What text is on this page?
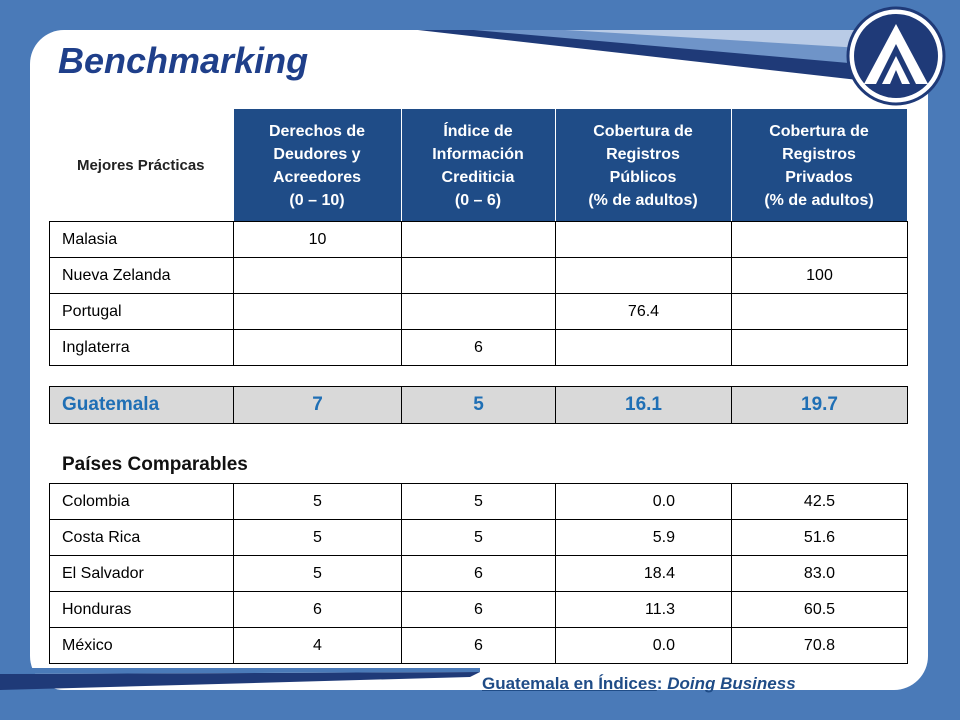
Benchmarking
Mejores Prácticas	Derechos de
Deudores y
Acreedores
(0 – 10)	Índice de
Información
Crediticia
(0 – 6)	Cobertura de
Registros
Públicos
(% de adultos)	Cobertura de
Registros
Privados
(% de adultos)
Malasia	10			
Nueva Zelanda				100
Portugal			76.4	
Inglaterra		6		
Guatemala	7	5	16.1	19.7
Países Comparables
Colombia	5	5	0.0	42.5
Costa Rica	5	5	5.9	51.6
El Salvador	5	6	18.4	83.0
Honduras	6	6	11.3	60.5
México	4	6	0.0	70.8
Guatemala en Índices: Doing Business
